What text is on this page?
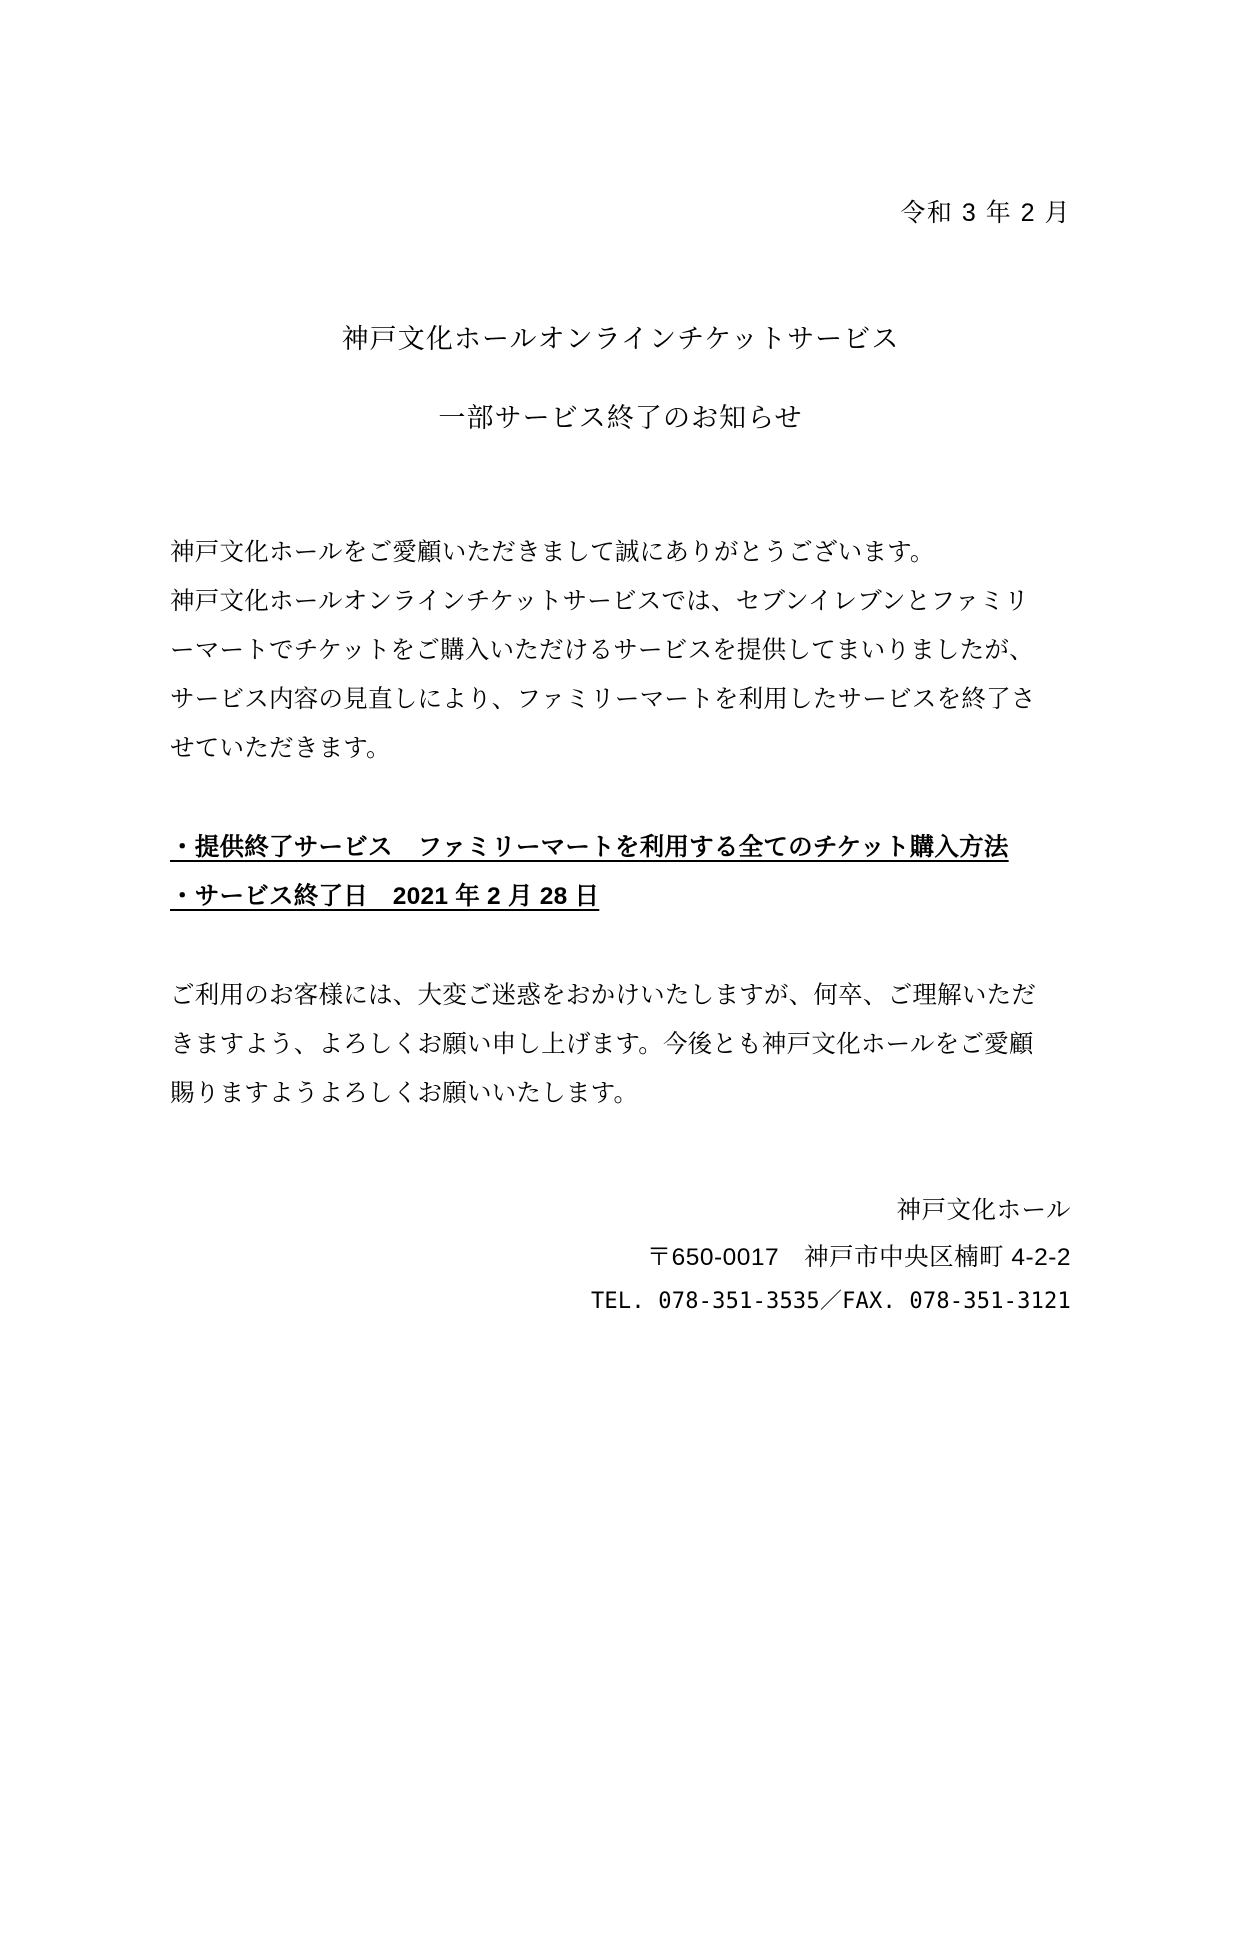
令和 3 年 2 月
神戸文化ホールオンラインチケットサービス
一部サービス終了のお知らせ
神戸文化ホールをご愛顧いただきまして誠にありがとうございます。
神戸文化ホールオンラインチケットサービスでは、セブンイレブンとファミリ
ーマートでチケットをご購入いただけるサービスを提供してまいりましたが、
サービス内容の見直しにより、ファミリーマートを利用したサービスを終了さ
せていただきます。
・提供終了サービス　ファミリーマートを利用する全てのチケット購入方法
・サービス終了日　2021 年 2 月 28 日
ご利用のお客様には、大変ご迷惑をおかけいたしますが、何卒、ご理解いただ
きますよう、よろしくお願い申し上げます。今後とも神戸文化ホールをご愛顧
賜りますようよろしくお願いいたします。
神戸文化ホール
〒650-0017　神戸市中央区楠町 4-2-2
TEL. 078-351-3535／FAX. 078-351-3121
